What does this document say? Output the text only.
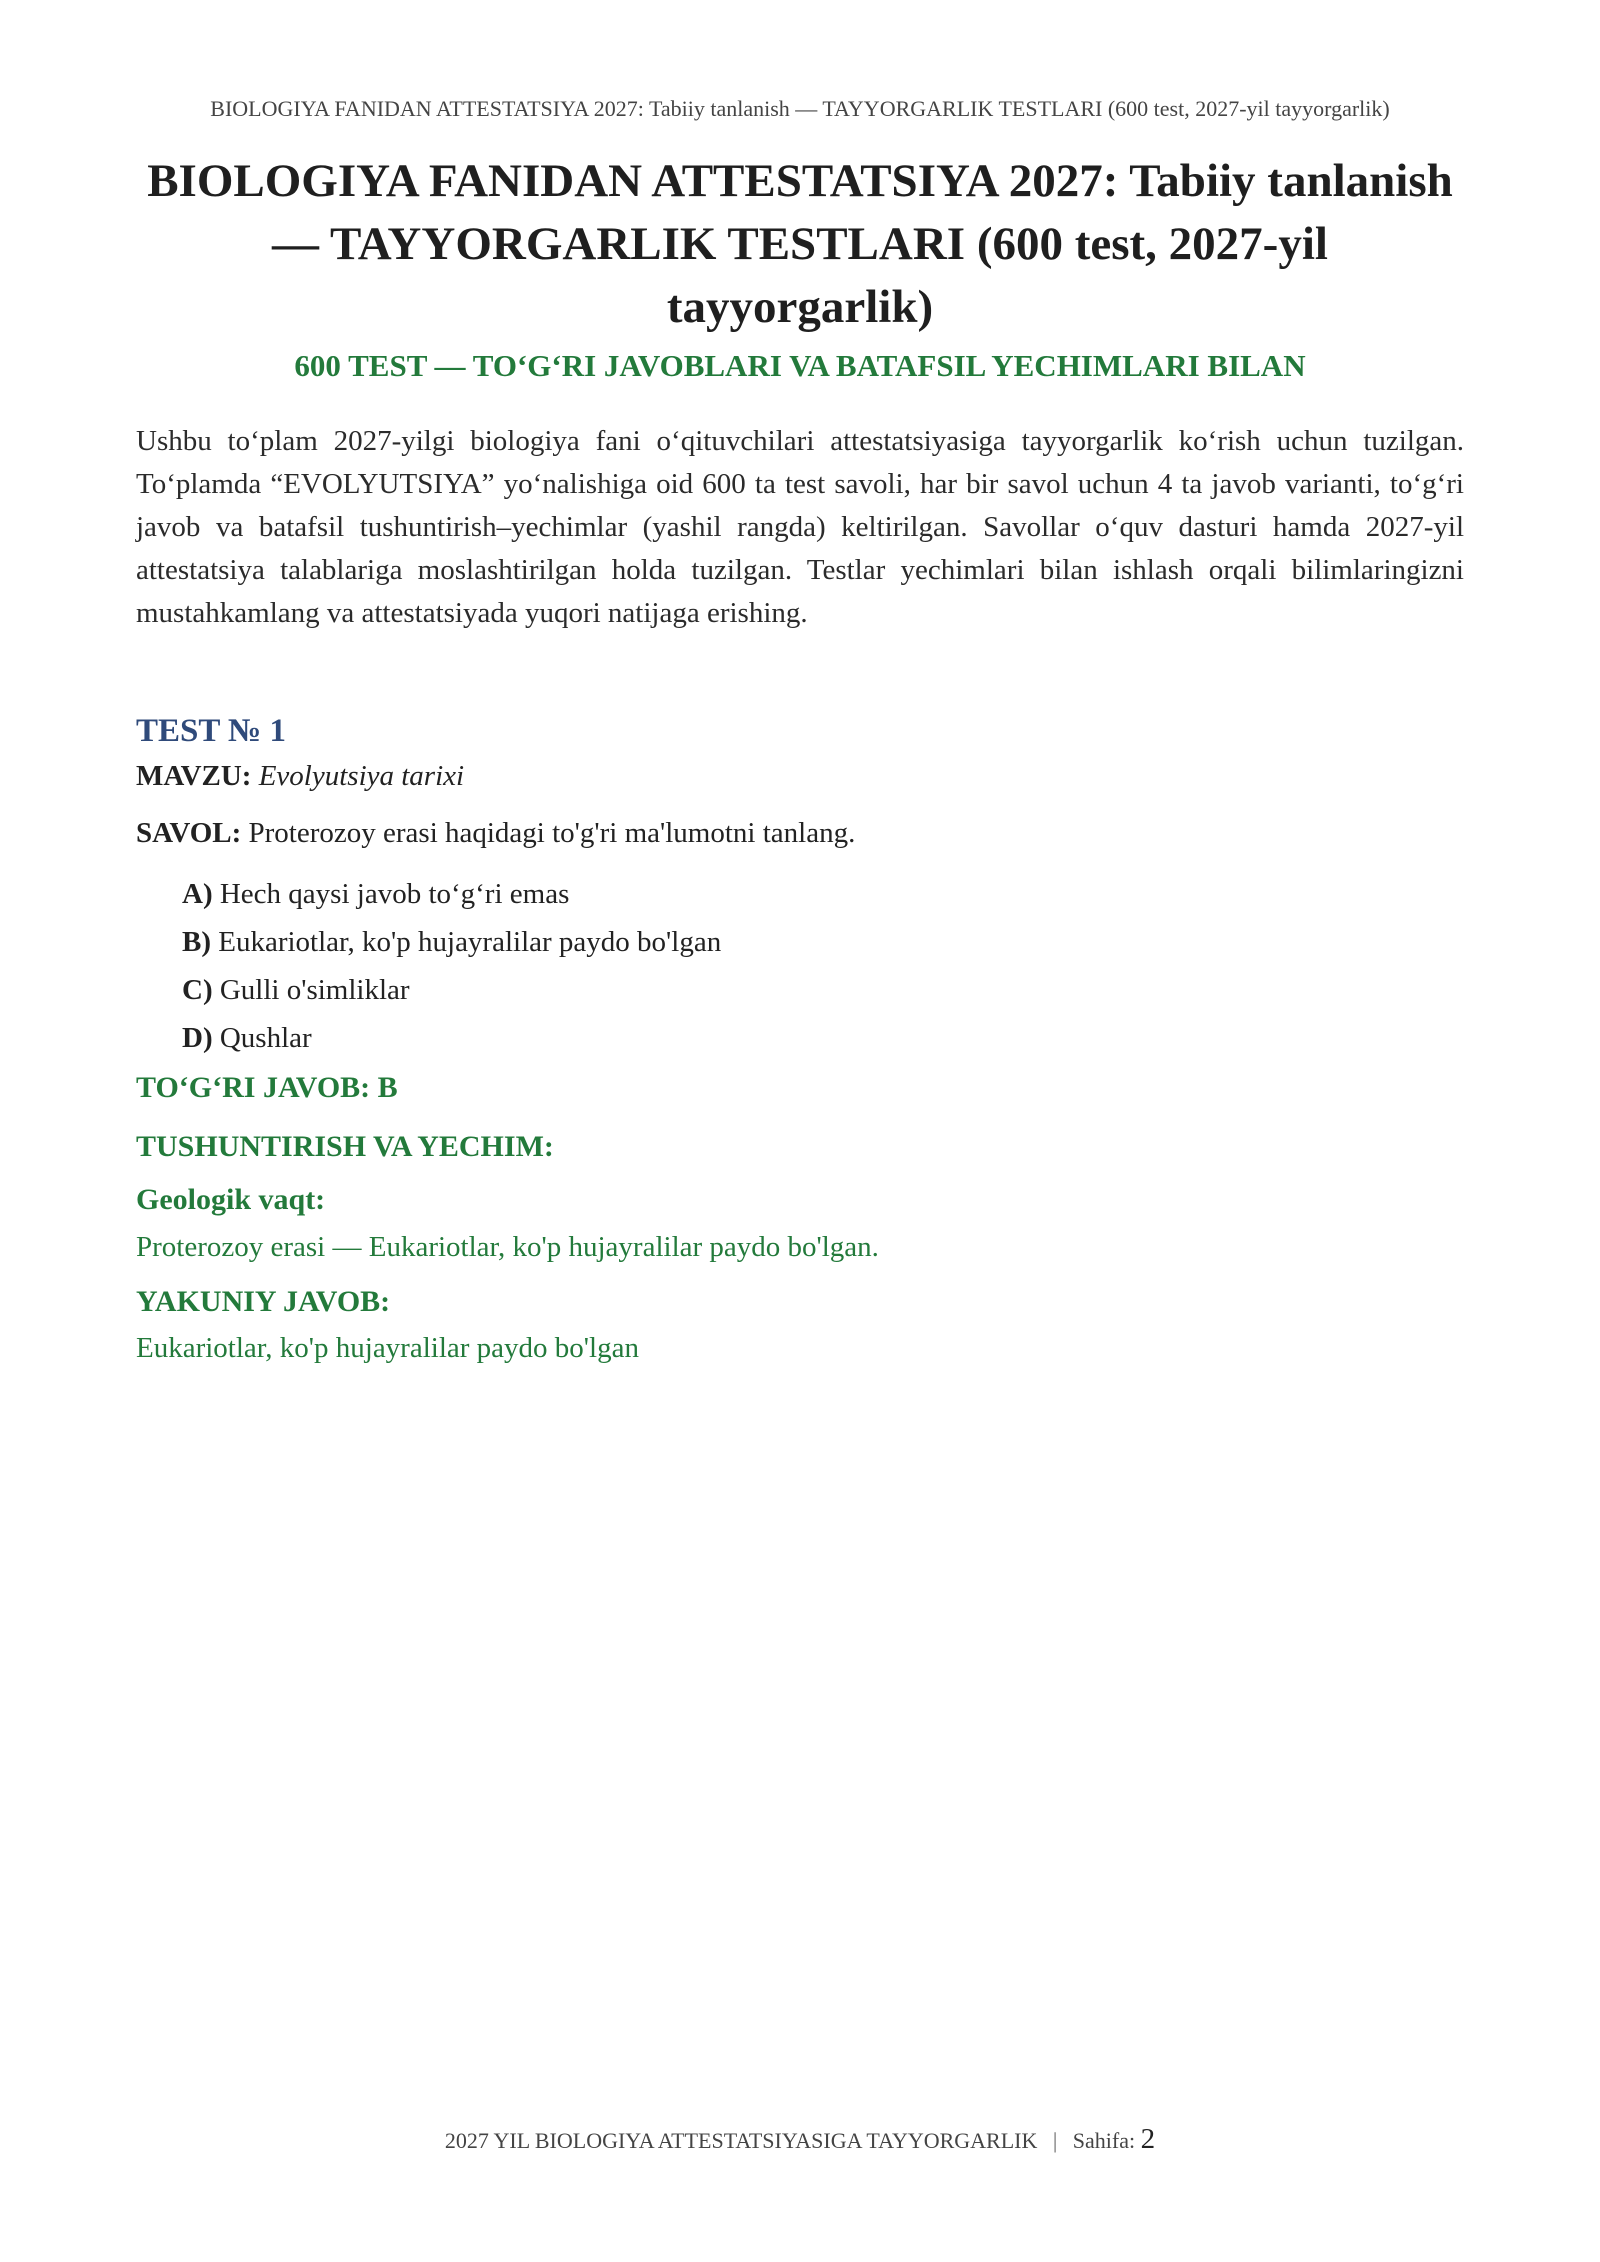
BIOLOGIYA FANIDAN ATTESTATSIYA 2027: Tabiiy tanlanish — TAYYORGARLIK TESTLARI (600 test, 2027-yil tayyorgarlik)
BIOLOGIYA FANIDAN ATTESTATSIYA 2027: Tabiiy tanlanish — TAYYORGARLIK TESTLARI (600 test, 2027-yil tayyorgarlik)
600 TEST — TO‘G‘RI JAVOBLARI VA BATAFSIL YECHIMLARI BILAN

Ushbu to‘plam 2027-yilgi biologiya fani o‘qituvchilari attestatsiyasiga tayyorgarlik ko‘rish uchun tuzilgan. To‘plamda “EVOLYUTSIYA” yo‘nalishiga oid 600 ta test savoli, har bir savol uchun 4 ta javob varianti, to‘g‘ri javob va batafsil tushuntirish–yechimlar (yashil rangda) keltirilgan. Savollar o‘quv dasturi hamda 2027-yil attestatsiya talablariga moslashtirilgan holda tuzilgan. Testlar yechimlari bilan ishlash orqali bilimlaringizni mustahkamlang va attestatsiyada yuqori natijaga erishing.

TEST № 1
MAVZU: Evolyutsiya tarixi
SAVOL: Proterozoy erasi haqidagi to'g'ri ma'lumotni tanlang.
A) Hech qaysi javob to‘g‘ri emas
B) Eukariotlar, ko'p hujayralilar paydo bo'lgan
C) Gulli o'simliklar
D) Qushlar
TO‘G‘RI JAVOB: B
TUSHUNTIRISH VA YECHIM:
Geologik vaqt:
Proterozoy erasi — Eukariotlar, ko'p hujayralilar paydo bo'lgan.
YAKUNIY JAVOB:
Eukariotlar, ko'p hujayralilar paydo bo'lgan
2027 YIL BIOLOGIYA ATTESTATSIYASIGA TAYYORGARLIK | Sahifa: 2
